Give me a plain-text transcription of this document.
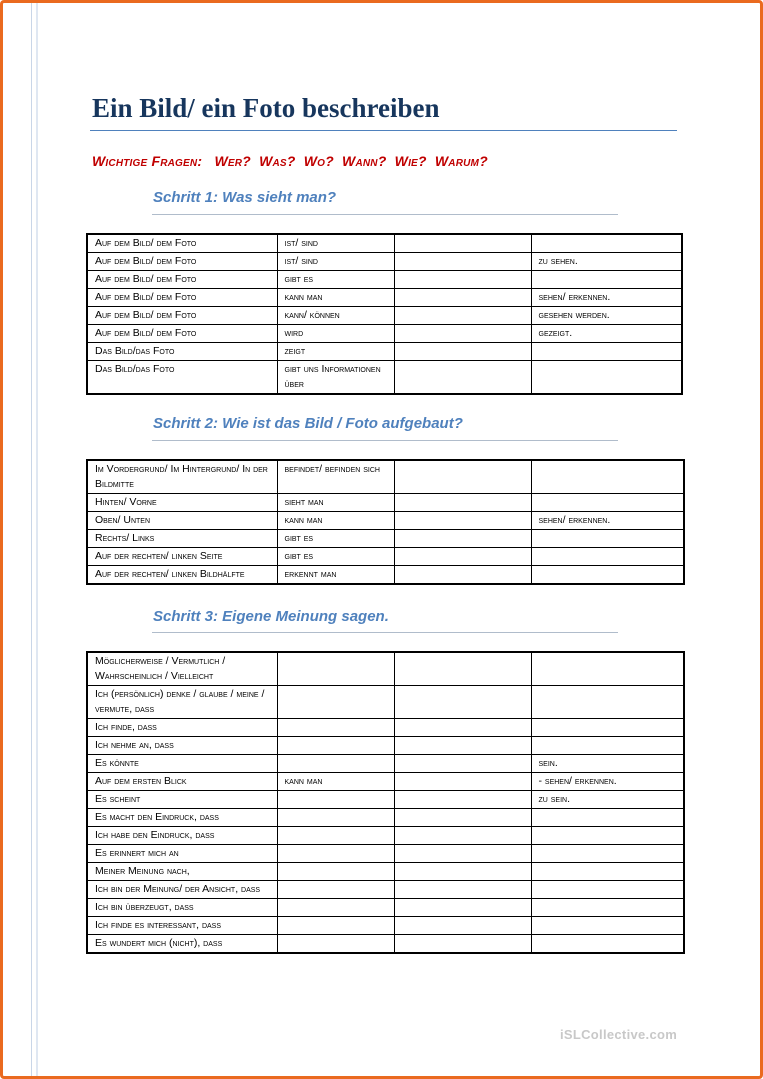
Ein Bild/ ein Foto beschreiben
Wichtige Fragen:   Wer?  Was?  Wo?  Wann?  Wie?  Warum?
Schritt 1: Was sieht man?
Auf dem Bild/ dem Foto	ist/ sind		
Auf dem Bild/ dem Foto	ist/ sind		zu sehen.
Auf dem Bild/ dem Foto	gibt es		
Auf dem Bild/ dem Foto	kann man		sehen/ erkennen.
Auf dem Bild/ dem Foto	kann/ können		gesehen werden.
Auf dem Bild/ dem Foto	wird		gezeigt.
Das Bild/das Foto	zeigt		
Das Bild/das Foto	gibt uns Informationen über		
Schritt 2: Wie ist das Bild / Foto aufgebaut?
Im Vordergrund/ Im Hintergrund/ In der Bildmitte	befindet/ befinden sich		
Hinten/ Vorne	sieht man		
Oben/ Unten	kann man		sehen/ erkennen.
Rechts/ Links	gibt es		
Auf der rechten/ linken Seite	gibt es		
Auf der rechten/ linken Bildhälfte	erkennt man		
Schritt 3: Eigene Meinung sagen.
Möglicherweise / Vermutlich / Wahrscheinlich / Vielleicht			
Ich (persönlich) denke / glaube / meine / vermute, dass			
Ich finde, dass			
Ich nehme an, dass			
Es könnte			sein.
Auf dem ersten Blick	kann man		- sehen/ erkennen.
Es scheint			zu sein.
Es macht den Eindruck, dass			
Ich habe den Eindruck, dass			
Es erinnert mich an			
Meiner Meinung nach,			
Ich bin der Meinung/ der Ansicht, dass			
Ich bin überzeugt, dass			
Ich finde es interessant, dass			
Es wundert mich (nicht), dass			
iSLCollective.com
